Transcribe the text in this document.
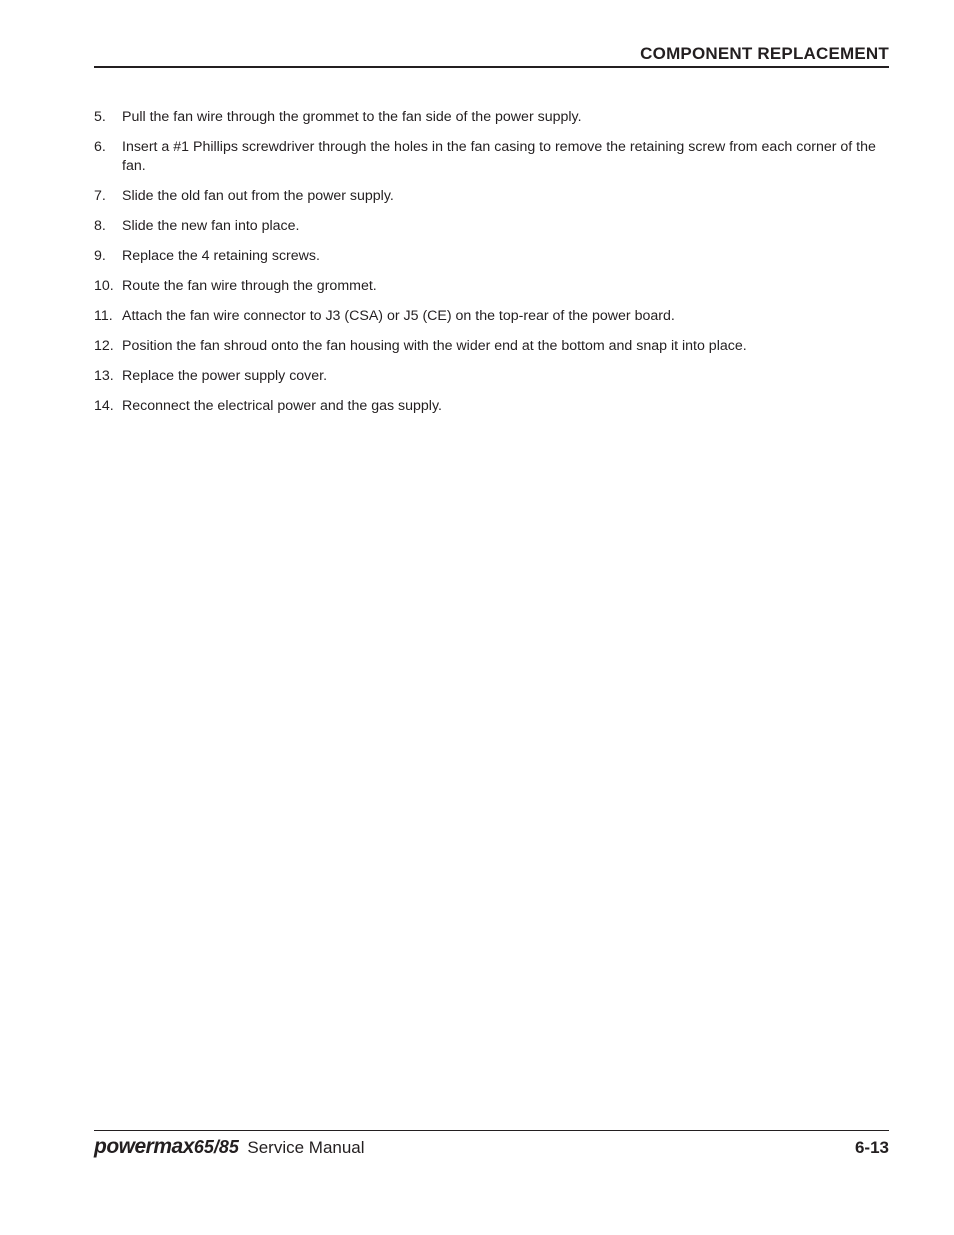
COMPONENT REPLACEMENT
5. Pull the fan wire through the grommet to the fan side of the power supply.
6. Insert a #1 Phillips screwdriver through the holes in the fan casing to remove the retaining screw from each corner of the fan.
7. Slide the old fan out from the power supply.
8. Slide the new fan into place.
9. Replace the 4 retaining screws.
10. Route the fan wire through the grommet.
11. Attach the fan wire connector to J3 (CSA) or J5 (CE) on the top-rear of the power board.
12. Position the fan shroud onto the fan housing with the wider end at the bottom and snap it into place.
13. Replace the power supply cover.
14. Reconnect the electrical power and the gas supply.
powermax65/85 Service Manual	6-13
